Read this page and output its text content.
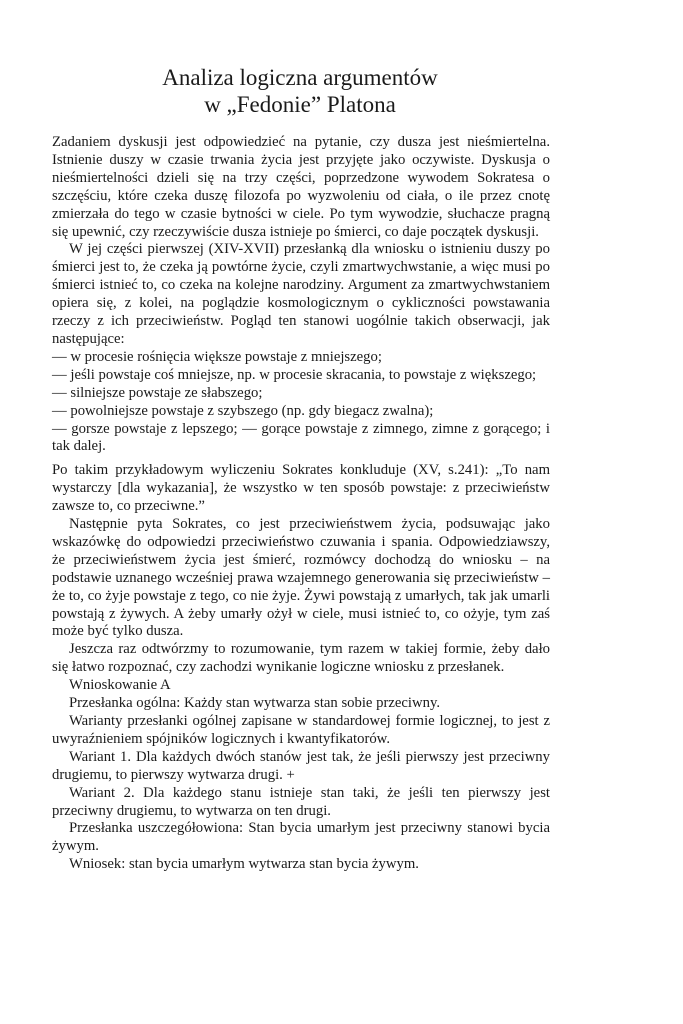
Analiza logiczna argumentów
w „Fedonie” Platona

Zadaniem dyskusji jest odpowiedzieć na pytanie, czy dusza jest nieśmiertelna. Istnienie duszy w czasie trwania życia jest przyjęte jako oczywiste. Dyskusja o nieśmiertelności dzieli się na trzy części, poprzedzone wywodem Sokratesa o szczęściu, które czeka duszę filozofa po wyzwoleniu od ciała, o ile przez cnotę zmierzała do tego w czasie bytności w ciele. Po tym wywodzie, słuchacze pragną się upewnić, czy rzeczywiście dusza istnieje po śmierci, co daje początek dyskusji.

W jej części pierwszej (XIV-XVII) przesłanką dla wniosku o istnieniu duszy po śmierci jest to, że czeka ją powtórne życie, czyli zmartwychwstanie, a więc musi po śmierci istnieć to, co czeka na kolejne narodziny. Argument za zmartwychwstaniem opiera się, z kolei, na poglądzie kosmologicznym o cykliczności powstawania rzeczy z ich przeciwieństw. Pogląd ten stanowi uogólnie takich obserwacji, jak następujące:

— w procesie rośnięcia większe powstaje z mniejszego;

— jeśli powstaje coś mniejsze, np. w procesie skracania, to powstaje z większego;

— silniejsze powstaje ze słabszego;

— powolniejsze powstaje z szybszego (np. gdy biegacz zwalna);

— gorsze powstaje z lepszego; — gorące powstaje z zimnego, zimne z gorącego; i tak dalej.

Po takim przykładowym wyliczeniu Sokrates konkluduje (XV, s.241): „To nam wystarczy [dla wykazania], że wszystko w ten sposób powstaje: z przeciwieństw zawsze to, co przeciwne.”

Następnie pyta Sokrates, co jest przeciwieństwem życia, podsuwając jako wskazówkę do odpowiedzi przeciwieństwo czuwania i spania. Odpowiedziawszy, że przeciwieństwem życia jest śmierć, rozmówcy dochodzą do wniosku – na podstawie uznanego wcześniej prawa wzajemnego generowania się przeciwieństw – że to, co żyje powstaje z tego, co nie żyje. Żywi powstają z umarłych, tak jak umarli powstają z żywych. A żeby umarły ożył w ciele, musi istnieć to, co ożyje, tym zaś może być tylko dusza.

Jeszcza raz odtwórzmy to rozumowanie, tym razem w takiej formie, żeby dało się łatwo rozpoznać, czy zachodzi wynikanie logiczne wniosku z przesłanek.

Wnioskowanie A

Przesłanka ogólna: Każdy stan wytwarza stan sobie przeciwny.

Warianty przesłanki ogólnej zapisane w standardowej formie logicznej, to jest z uwyraźnieniem spójników logicznych i kwantyfikatorów.

Wariant 1. Dla każdych dwóch stanów jest tak, że jeśli pierwszy jest przeciwny drugiemu, to pierwszy wytwarza drugi. +

Wariant 2. Dla każdego stanu istnieje stan taki, że jeśli ten pierwszy jest przeciwny drugiemu, to wytwarza on ten drugi.

Przesłanka uszczegółowiona: Stan bycia umarłym jest przeciwny stanowi bycia żywym.

Wniosek: stan bycia umarłym wytwarza stan bycia żywym.
